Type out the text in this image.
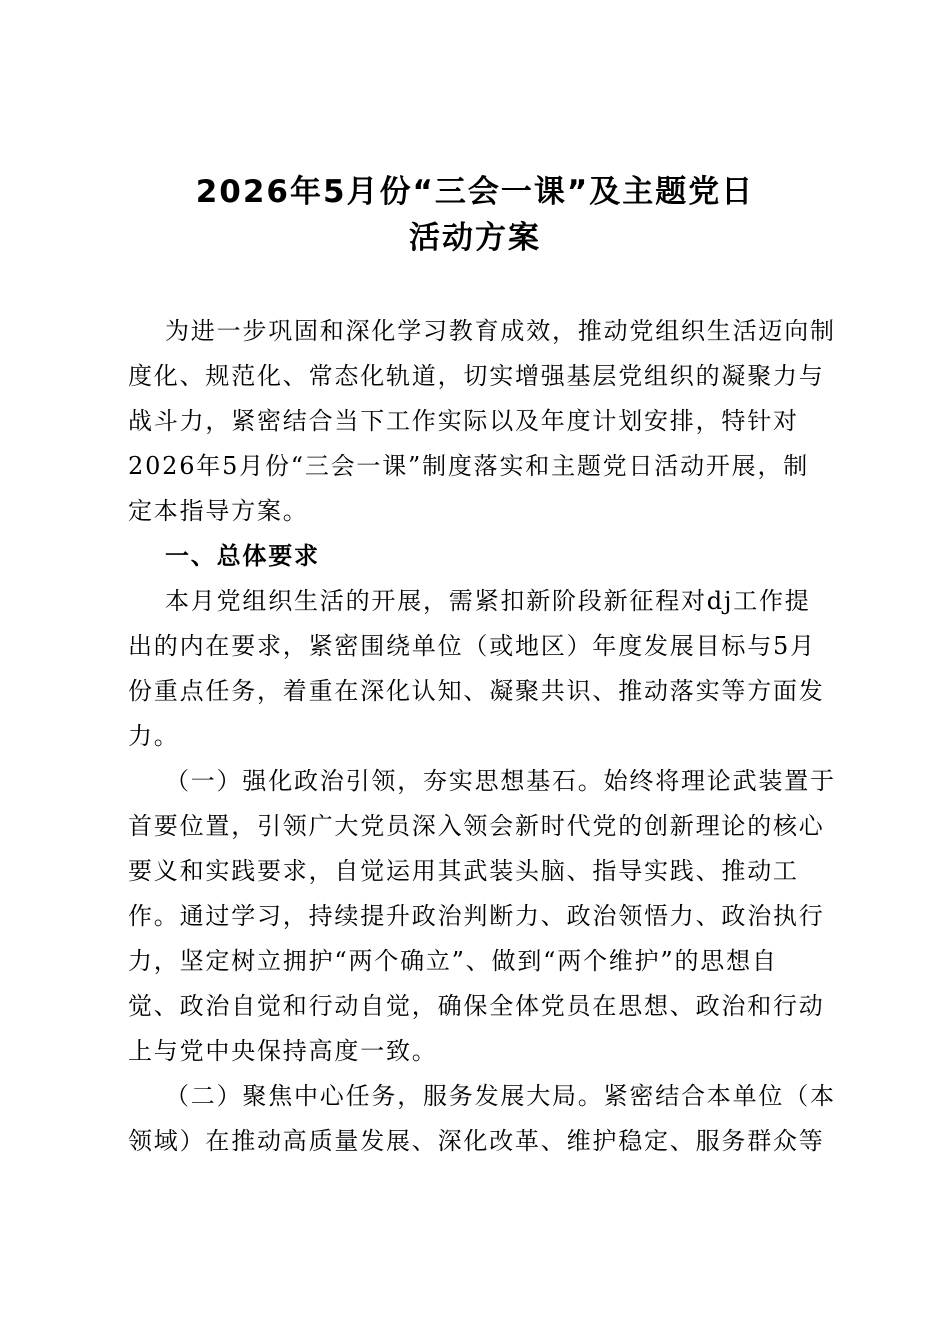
2026年5月份“三会一课”及主题党日
活动方案
为进一步巩固和深化学习教育成效，推动党组织生活迈向制
度化、规范化、常态化轨道，切实增强基层党组织的凝聚力与
战斗力，紧密结合当下工作实际以及年度计划安排，特针对
2026年5月份“三会一课”制度落实和主题党日活动开展，制
定本指导方案。
一、总体要求
本月党组织生活的开展，需紧扣新阶段新征程对dj工作提
出的内在要求，紧密围绕单位（或地区）年度发展目标与5月
份重点任务，着重在深化认知、凝聚共识、推动落实等方面发
力。
（一）强化政治引领，夯实思想基石。始终将理论武装置于
首要位置，引领广大党员深入领会新时代党的创新理论的核心
要义和实践要求，自觉运用其武装头脑、指导实践、推动工
作。通过学习，持续提升政治判断力、政治领悟力、政治执行
力，坚定树立拥护“两个确立”、做到“两个维护”的思想自
觉、政治自觉和行动自觉，确保全体党员在思想、政治和行动
上与党中央保持高度一致。
（二）聚焦中心任务，服务发展大局。紧密结合本单位（本
领域）在推动高质量发展、深化改革、维护稳定、服务群众等
